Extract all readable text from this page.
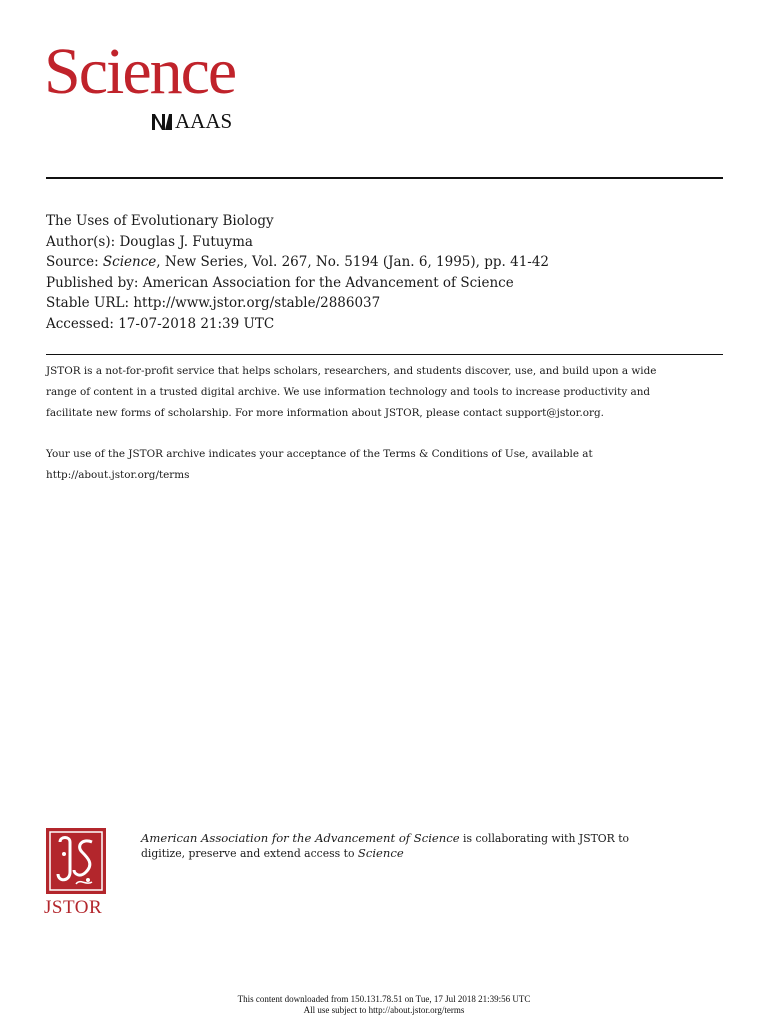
Science
AAAS
The Uses of Evolutionary Biology
Author(s): Douglas J. Futuyma
Source: Science, New Series, Vol. 267, No. 5194 (Jan. 6, 1995), pp. 41-42
Published by: American Association for the Advancement of Science
Stable URL: http://www.jstor.org/stable/2886037
Accessed: 17-07-2018 21:39 UTC
JSTOR is a not-for-profit service that helps scholars, researchers, and students discover, use, and build upon a wide
range of content in a trusted digital archive. We use information technology and tools to increase productivity and
facilitate new forms of scholarship. For more information about JSTOR, please contact support@jstor.org.
Your use of the JSTOR archive indicates your acceptance of the Terms & Conditions of Use, available at
http://about.jstor.org/terms
JSTOR
American Association for the Advancement of Science is collaborating with JSTOR to
digitize, preserve and extend access to Science
This content downloaded from 150.131.78.51 on Tue, 17 Jul 2018 21:39:56 UTC
All use subject to http://about.jstor.org/terms
